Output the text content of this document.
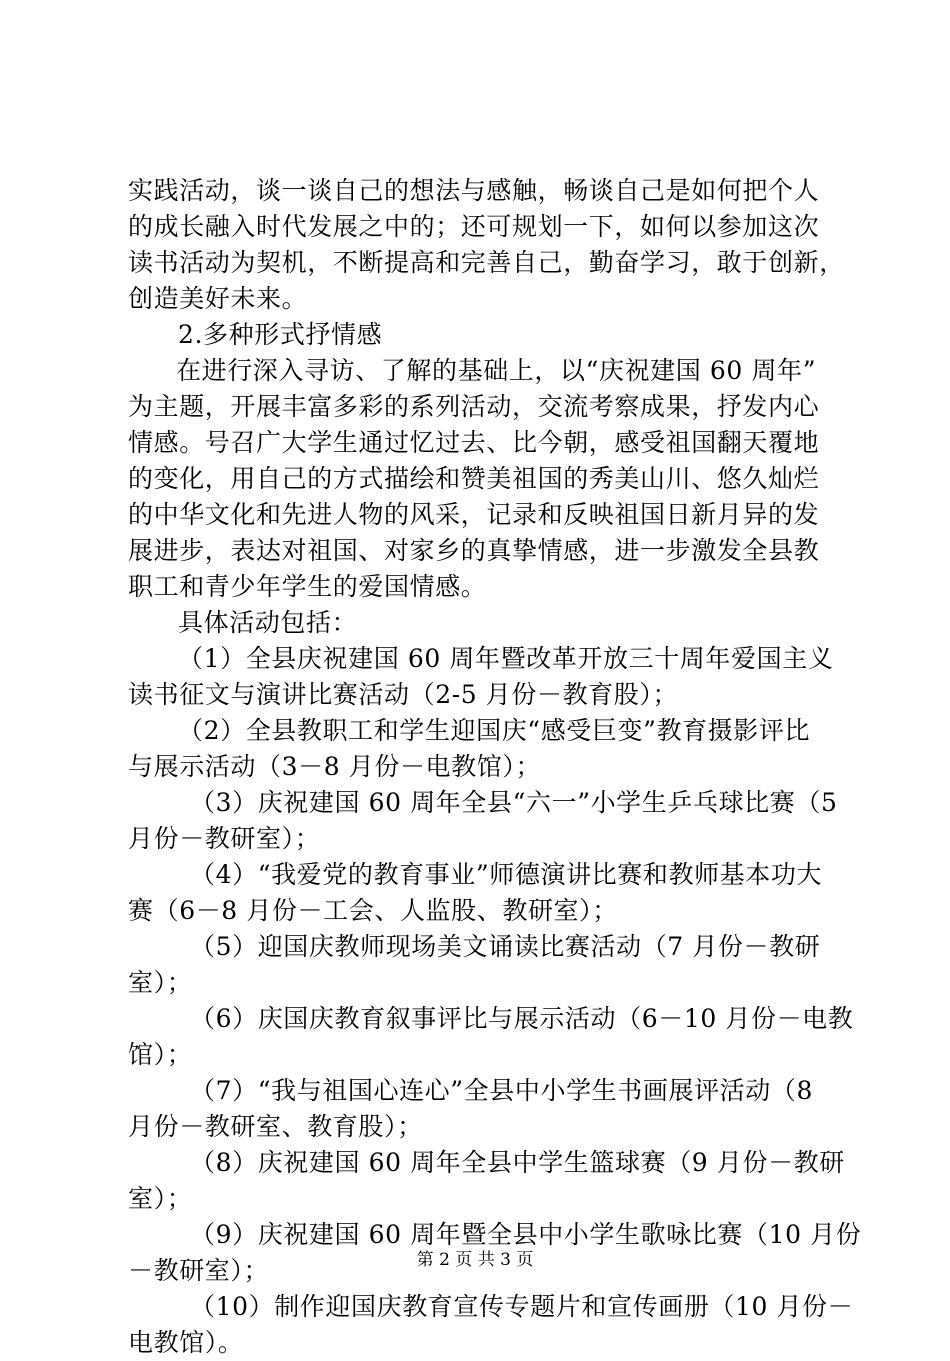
实践活动，谈一谈自己的想法与感触，畅谈自己是如何把个人
的成长融入时代发展之中的；还可规划一下，如何以参加这次
读书活动为契机，不断提高和完善自己，勤奋学习，敢于创新，
创造美好未来。
2.多种形式抒情感
在进行深入寻访、了解的基础上，以“庆祝建国 60 周年”
为主题，开展丰富多彩的系列活动，交流考察成果，抒发内心
情感。号召广大学生通过忆过去、比今朝，感受祖国翻天覆地
的变化，用自己的方式描绘和赞美祖国的秀美山川、悠久灿烂
的中华文化和先进人物的风采，记录和反映祖国日新月异的发
展进步，表达对祖国、对家乡的真挚情感，进一步激发全县教
职工和青少年学生的爱国情感。
具体活动包括：
（1）全县庆祝建国 60 周年暨改革开放三十周年爱国主义
读书征文与演讲比赛活动（2-5 月份－教育股）；
（2）全县教职工和学生迎国庆“感受巨变”教育摄影评比
与展示活动（3－8 月份－电教馆）；
（3）庆祝建国 60 周年全县“六一”小学生乒乓球比赛（5
月份－教研室）；
（4）“我爱党的教育事业”师德演讲比赛和教师基本功大
赛（6－8 月份－工会、人监股、教研室）；
（5）迎国庆教师现场美文诵读比赛活动（7 月份－教研
室）；
（6）庆国庆教育叙事评比与展示活动（6－10 月份－电教
馆）；
（7）“我与祖国心连心”全县中小学生书画展评活动（8
月份－教研室、教育股）；
（8）庆祝建国 60 周年全县中学生篮球赛（9 月份－教研
室）；
（9）庆祝建国 60 周年暨全县中小学生歌咏比赛（10 月份
－教研室）；
（10）制作迎国庆教育宣传专题片和宣传画册（10 月份－
电教馆）。
第 2 页 共 3 页
